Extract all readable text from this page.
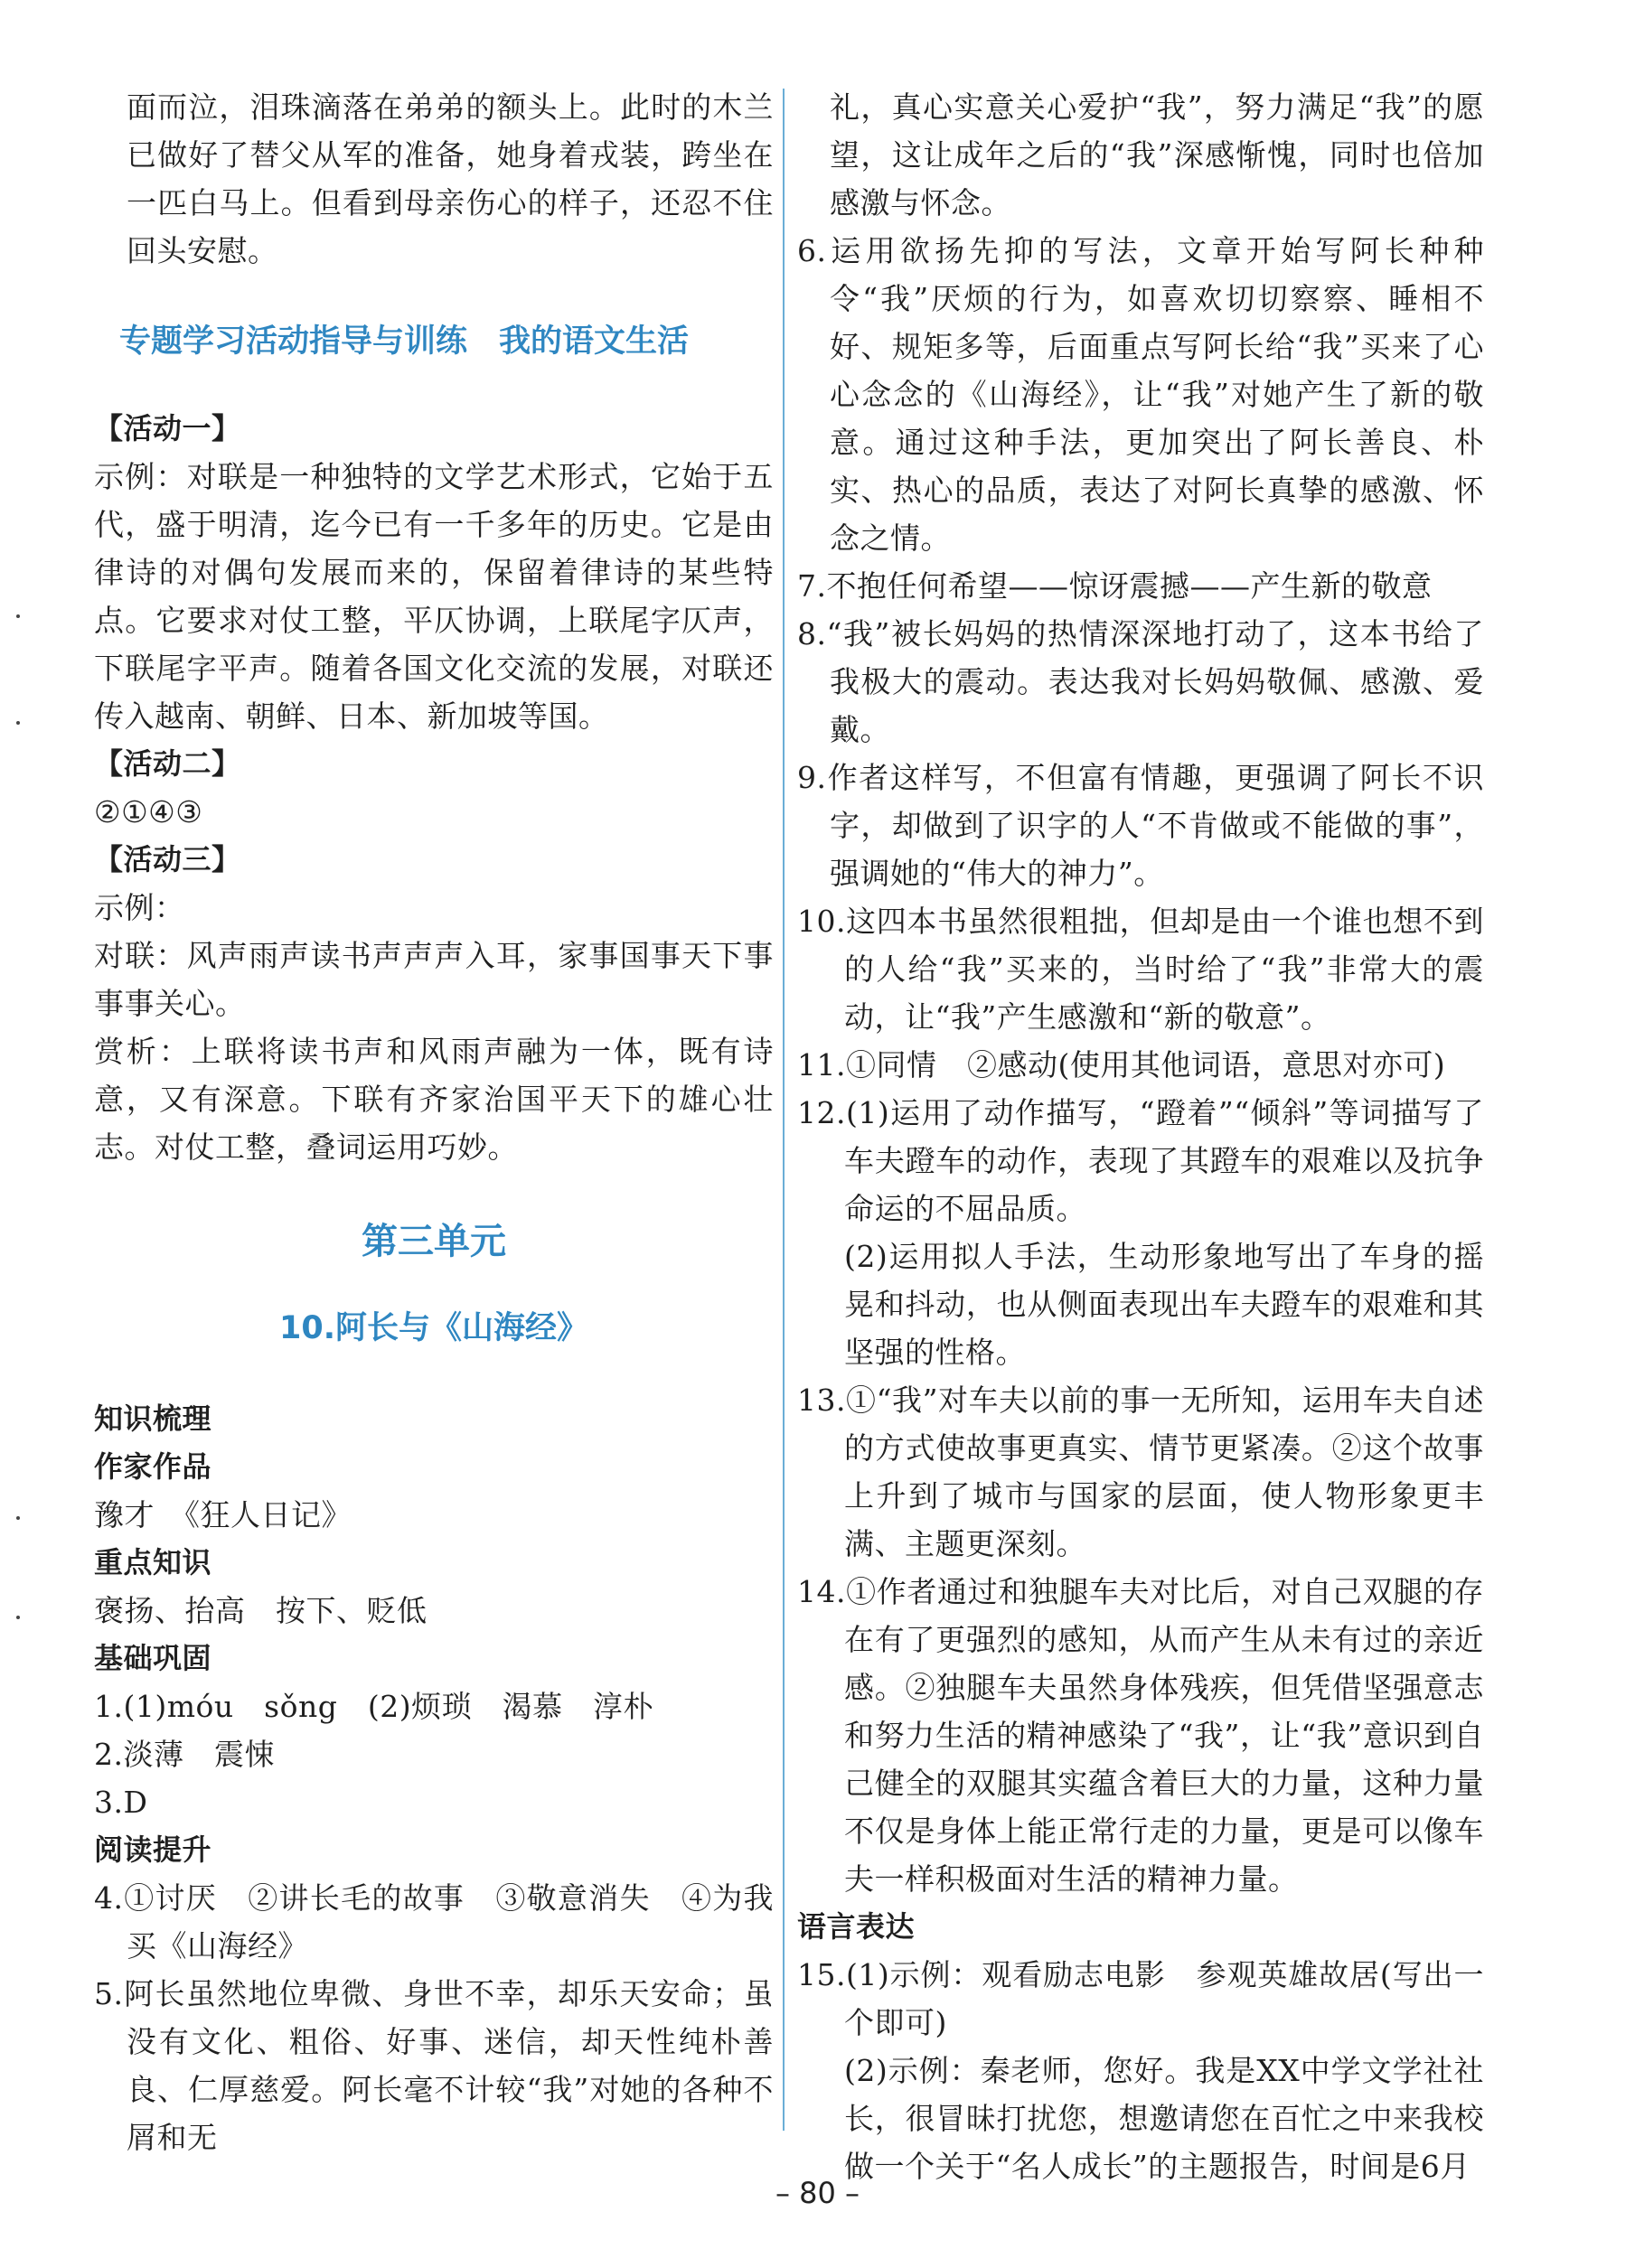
面而泣，泪珠滴落在弟弟的额头上。此时的木兰已做好了替父从军的准备，她身着戎装，跨坐在一匹白马上。但看到母亲伤心的样子，还忍不住回头安慰。

专题学习活动指导与训练　我的语文生活

【活动一】

示例：对联是一种独特的文学艺术形式，它始于五代，盛于明清，迄今已有一千多年的历史。它是由律诗的对偶句发展而来的，保留着律诗的某些特点。它要求对仗工整，平仄协调，上联尾字仄声，下联尾字平声。随着各国文化交流的发展，对联还传入越南、朝鲜、日本、新加坡等国。

【活动二】

②①④③

【活动三】

示例：

对联：风声雨声读书声声声入耳，家事国事天下事事事关心。

赏析：上联将读书声和风雨声融为一体，既有诗意，又有深意。下联有齐家治国平天下的雄心壮志。对仗工整，叠词运用巧妙。

第三单元
10.阿长与《山海经》

知识梳理

作家作品

豫才　《狂人日记》

重点知识

褒扬、抬高　按下、贬低

基础巩固

1.(1)móu　sǒng　(2)烦琐　渴慕　淳朴

2.淡薄　震悚

3.D

阅读提升

4.①讨厌　②讲长毛的故事　③敬意消失　④为我买《山海经》

5.阿长虽然地位卑微、身世不幸，却乐天安命；虽没有文化、粗俗、好事、迷信，却天性纯朴善良、仁厚慈爱。阿长毫不计较“我”对她的各种不屑和无

礼，真心实意关心爱护“我”，努力满足“我”的愿望，这让成年之后的“我”深感惭愧，同时也倍加感激与怀念。

6.运用欲扬先抑的写法，文章开始写阿长种种令“我”厌烦的行为，如喜欢切切察察、睡相不好、规矩多等，后面重点写阿长给“我”买来了心心念念的《山海经》，让“我”对她产生了新的敬意。通过这种手法，更加突出了阿长善良、朴实、热心的品质，表达了对阿长真挚的感激、怀念之情。

7.不抱任何希望——惊讶震撼——产生新的敬意

8.“我”被长妈妈的热情深深地打动了，这本书给了我极大的震动。表达我对长妈妈敬佩、感激、爱戴。

9.作者这样写，不但富有情趣，更强调了阿长不识字，却做到了识字的人“不肯做或不能做的事”，强调她的“伟大的神力”。

10.这四本书虽然很粗拙，但却是由一个谁也想不到的人给“我”买来的，当时给了“我”非常大的震动，让“我”产生感激和“新的敬意”。

11.①同情　②感动(使用其他词语，意思对亦可)

12.(1)运用了动作描写，“蹬着”“倾斜”等词描写了车夫蹬车的动作，表现了其蹬车的艰难以及抗争命运的不屈品质。

(2)运用拟人手法，生动形象地写出了车身的摇晃和抖动，也从侧面表现出车夫蹬车的艰难和其坚强的性格。

13.①“我”对车夫以前的事一无所知，运用车夫自述的方式使故事更真实、情节更紧凑。②这个故事上升到了城市与国家的层面，使人物形象更丰满、主题更深刻。

14.①作者通过和独腿车夫对比后，对自己双腿的存在有了更强烈的感知，从而产生从未有过的亲近感。②独腿车夫虽然身体残疾，但凭借坚强意志和努力生活的精神感染了“我”，让“我”意识到自己健全的双腿其实蕴含着巨大的力量，这种力量不仅是身体上能正常行走的力量，更是可以像车夫一样积极面对生活的精神力量。

语言表达

15.(1)示例：观看励志电影　参观英雄故居(写出一个即可)

(2)示例：秦老师，您好。我是XX中学文学社社长，很冒昧打扰您，想邀请您在百忙之中来我校做一个关于“名人成长”的主题报告，时间是6月

– 80 –
